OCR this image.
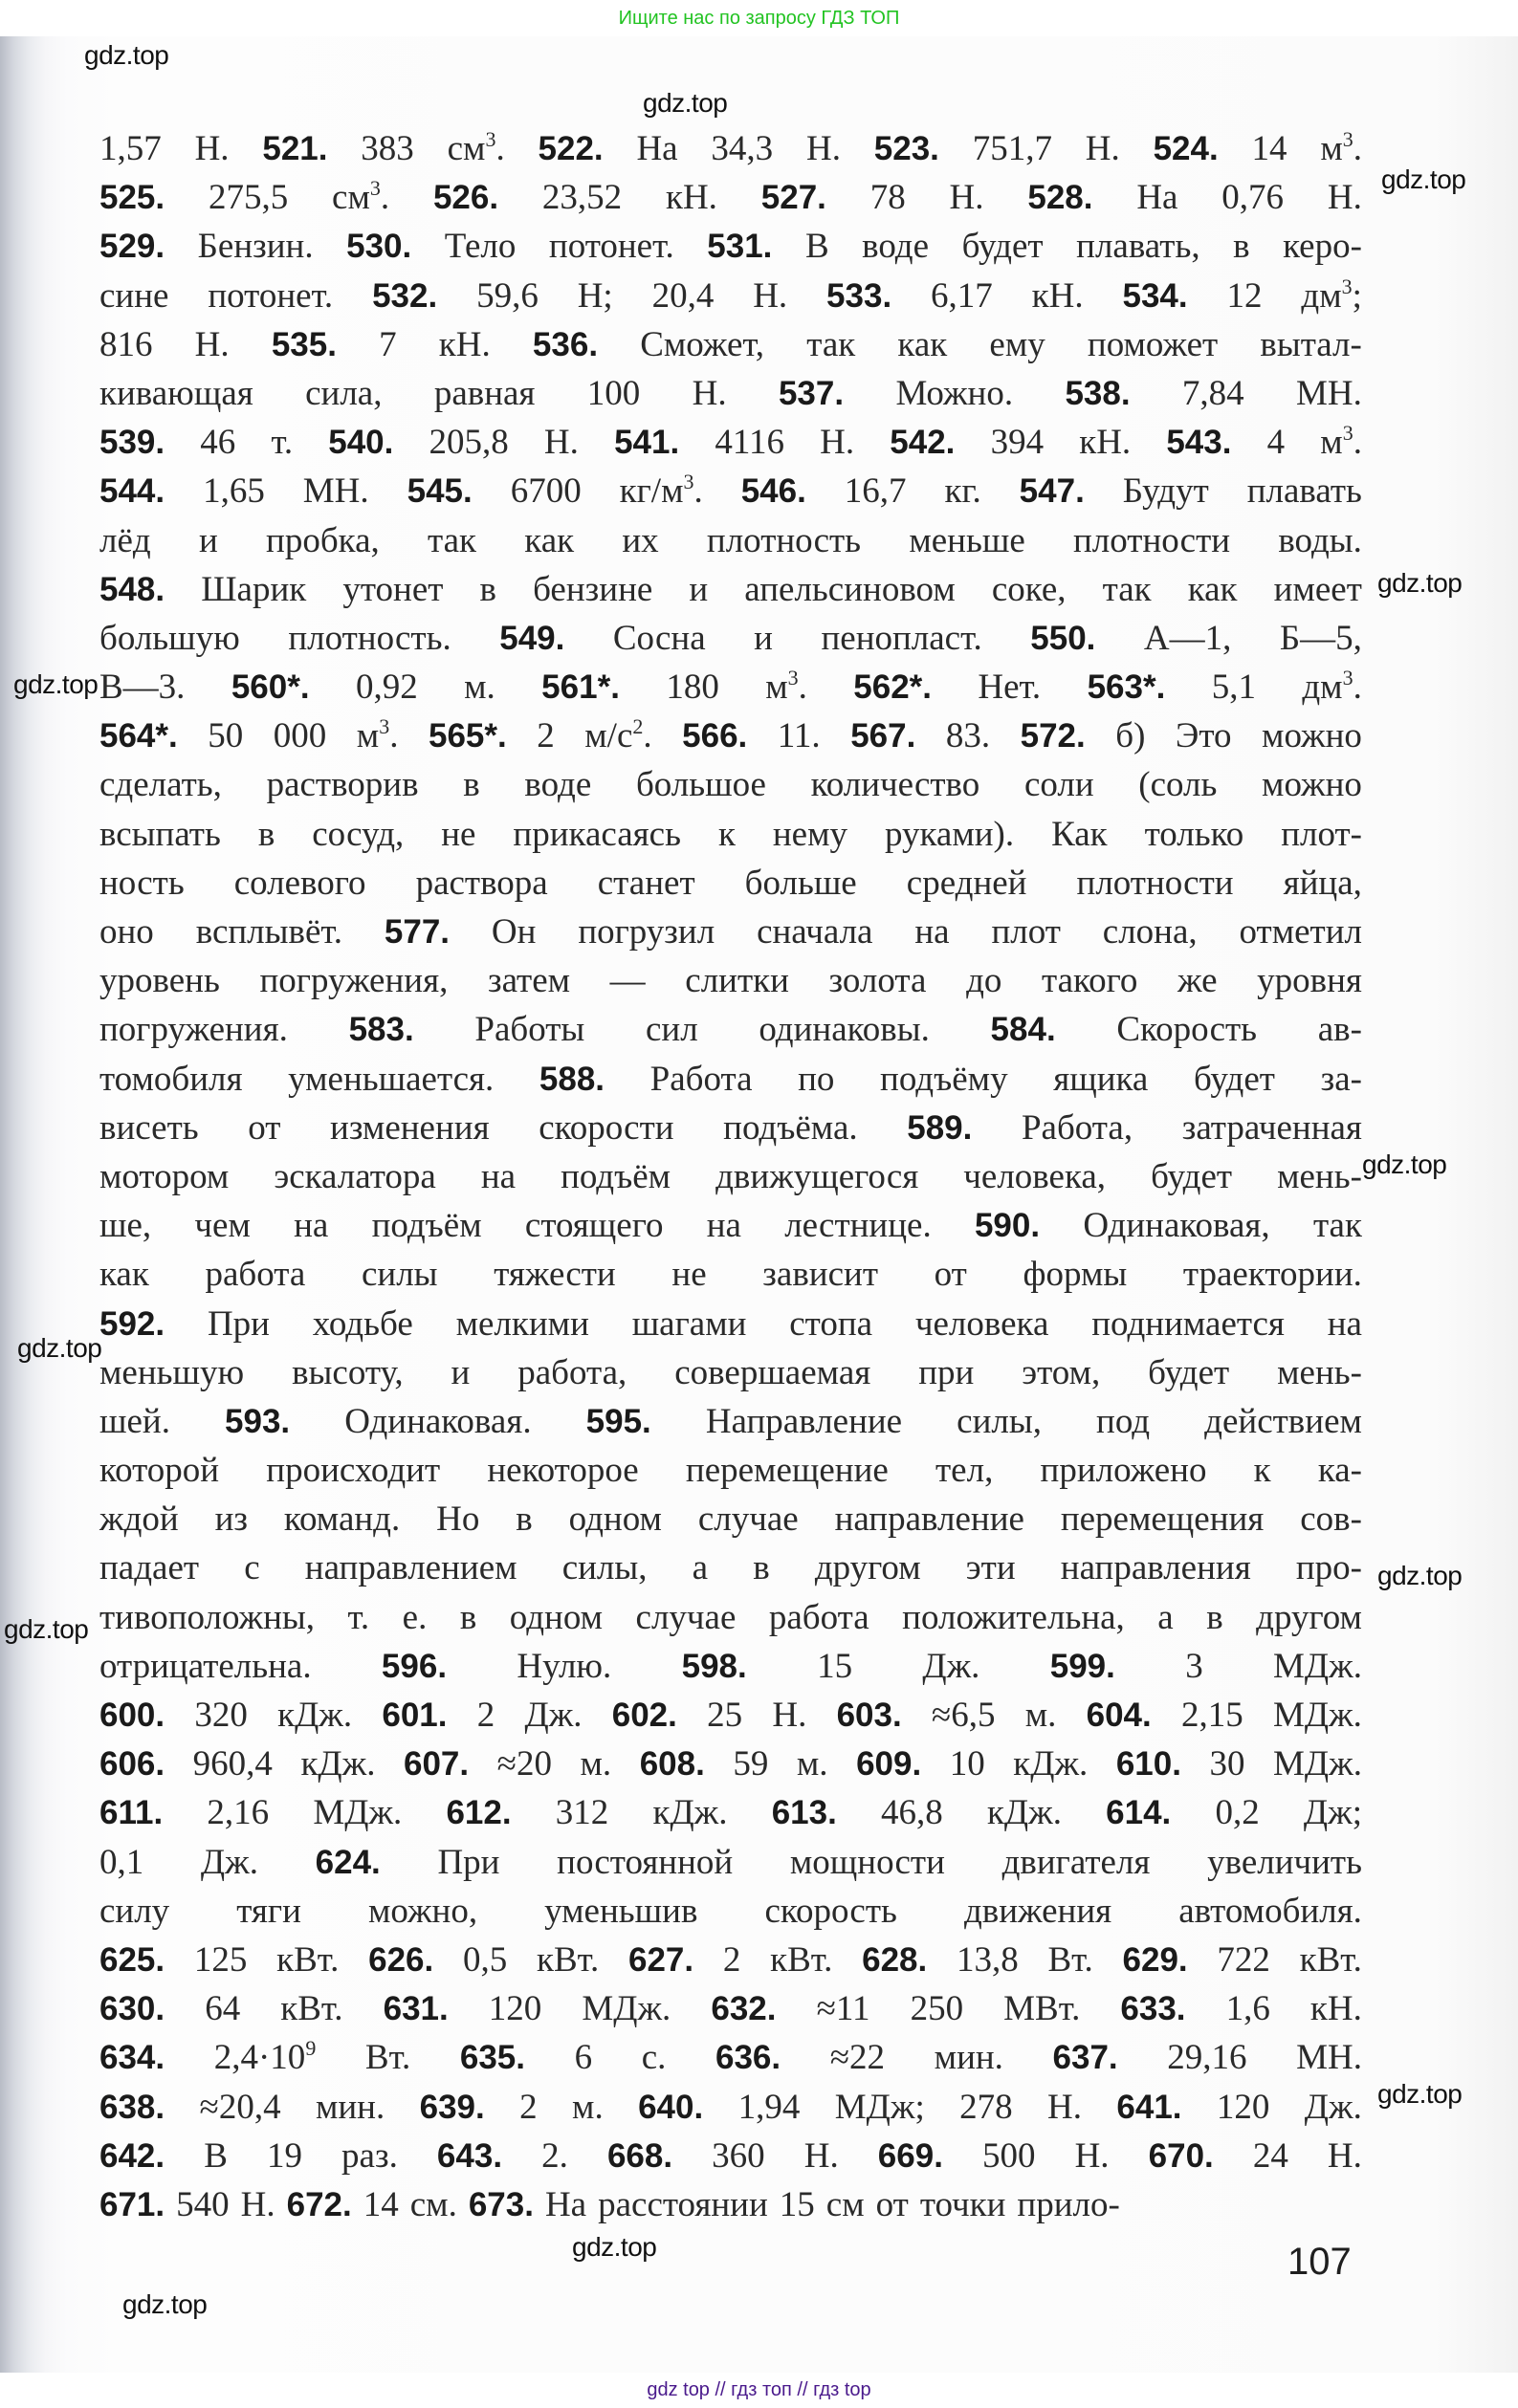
Ищите нас по запросу ГДЗ ТОП
1,57 Н. 521. 383 $см^3$. 522. На 34,3 Н. 523. 751,7 Н. 524. 14 $м^3$.
525. 275,5 $см^3$. 526. 23,52 кН. 527. 78 Н. 528. На 0,76 Н.
529. Бензин. 530. Тело потонет. 531. В воде будет плавать, в керо-
сине потонет. 532. 59,6 Н; 20,4 Н. 533. 6,17 кН. 534. 12 $дм^3$;
816 Н. 535. 7 кН. 536. Сможет, так как ему поможет вытал-
кивающая сила, равная 100 Н. 537. Можно. 538. 7,84 МН.
539. 46 т. 540. 205,8 Н. 541. 4116 Н. 542. 394 кН. 543. 4 $м^3$.
544. 1,65 МН. 545. 6700 $кг/м^3$. 546. 16,7 кг. 547. Будут плавать
лёд и пробка, так как их плотность меньше плотности воды.
548. Шарик утонет в бензине и апельсиновом соке, так как имеет
большую плотность. 549. Сосна и пенопласт. 550. А—1, Б—5,
В—3. 560*. 0,92 м. 561*. 180 $м^3$. 562*. Нет. 563*. 5,1 $дм^3$.
564*. 50 000 $м^3$. 565*. 2 $м/с^2$. 566. 11. 567. 83. 572. б) Это можно
сделать, растворив в воде большое количество соли (соль можно
всыпать в сосуд, не прикасаясь к нему руками). Как только плот-
ность солевого раствора станет больше средней плотности яйца,
оно всплывёт. 577. Он погрузил сначала на плот слона, отметил
уровень погружения, затем — слитки золота до такого же уровня
погружения. 583. Работы сил одинаковы. 584. Скорость ав-
томобиля уменьшается. 588. Работа по подъёму ящика будет за-
висеть от изменения скорости подъёма. 589. Работа, затраченная
мотором эскалатора на подъём движущегося человека, будет мень-
ше, чем на подъём стоящего на лестнице. 590. Одинаковая, так
как работа силы тяжести не зависит от формы траектории.
592. При ходьбе мелкими шагами стопа человека поднимается на
меньшую высоту, и работа, совершаемая при этом, будет мень-
шей. 593. Одинаковая. 595. Направление силы, под действием
которой происходит некоторое перемещение тел, приложено к ка-
ждой из команд. Но в одном случае направление перемещения сов-
падает с направлением силы, а в другом эти направления про-
тивоположны, т. е. в одном случае работа положительна, а в другом
отрицательна. 596. Нулю. 598. 15 Дж. 599. 3 МДж.
600. 320 кДж. 601. 2 Дж. 602. 25 Н. 603. ≈6,5 м. 604. 2,15 МДж.
606. 960,4 кДж. 607. ≈20 м. 608. 59 м. 609. 10 кДж. 610. 30 МДж.
611. 2,16 МДж. 612. 312 кДж. 613. 46,8 кДж. 614. 0,2 Дж;
0,1 Дж. 624. При постоянной мощности двигателя увеличить
силу тяги можно, уменьшив скорость движения автомобиля.
625. 125 кВт. 626. 0,5 кВт. 627. 2 кВт. 628. 13,8 Вт. 629. 722 кВт.
630. 64 кВт. 631. 120 МДж. 632. ≈11 250 МВт. 633. 1,6 кН.
634. $2,4\cdot 10^9$ Вт. 635. 6 с. 636. ≈22 мин. 637. 29,16 МН.
638. ≈20,4 мин. 639. 2 м. 640. 1,94 МДж; 278 Н. 641. 120 Дж.
642. В 19 раз. 643. 2. 668. 360 Н. 669. 500 Н. 670. 24 Н.
671. 540 Н. 672. 14 см. 673. На расстоянии 15 см от точки прило-
gdz.top
gdz.top
gdz.top
gdz.top
gdz.top
gdz.top
gdz.top
gdz.top
gdz.top
gdz.top
gdz.top
gdz.top
107
gdz top // гдз топ // гдз top
